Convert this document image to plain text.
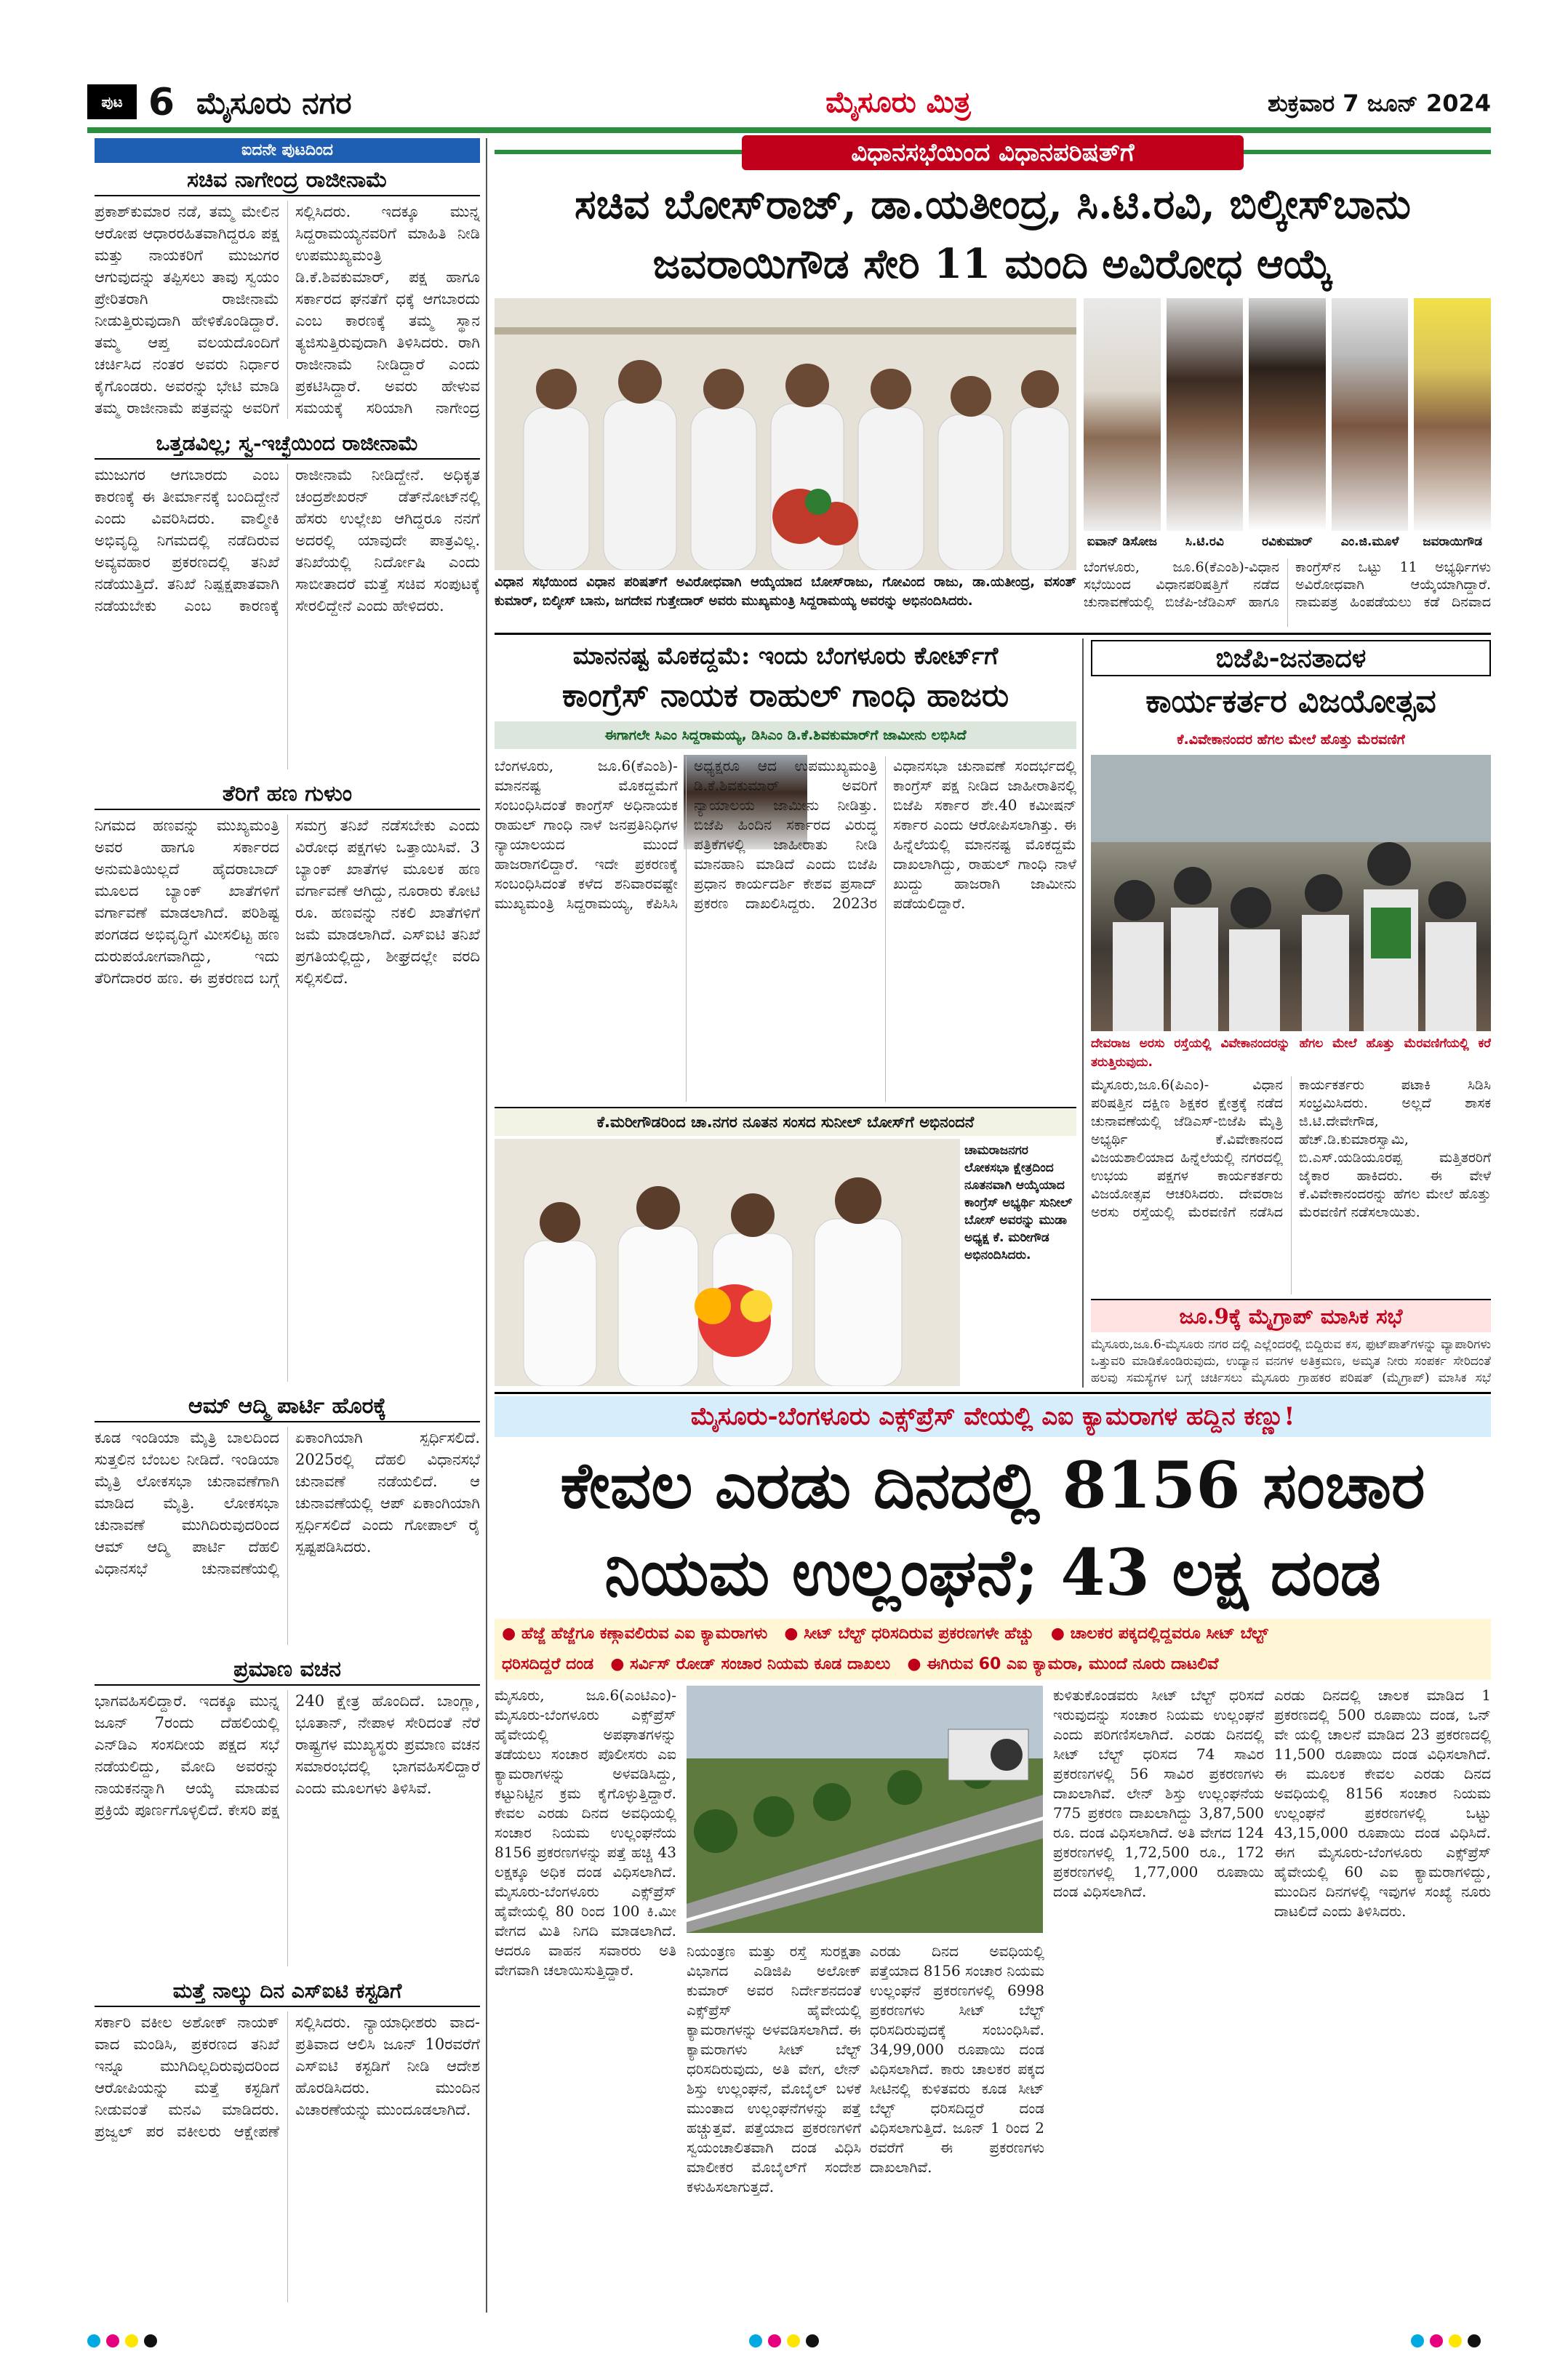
ಪುಟ 6 ಮೈಸೂರು ನಗರ	ಮೈಸೂರು ಮಿತ್ರ	ಶುಕ್ರವಾರ 7 ಜೂನ್ 2024
ಐದನೇ ಪುಟದಿಂದ
ಸಚಿವ ನಾಗೇಂದ್ರ ರಾಜೀನಾಮೆ
ಪ್ರಕಾಶ್‌ಕುಮಾರ ನಡೆ, ತಮ್ಮ ಮೇಲಿನ ಆರೋಪ ಆಧಾರರಹಿತವಾಗಿದ್ದರೂ ಪಕ್ಷ ಮತ್ತು ನಾಯಕರಿಗೆ ಮುಜುಗರ ಆಗುವುದನ್ನು ತಪ್ಪಿಸಲು ತಾವು ಸ್ವಯಂ ಪ್ರೇರಿತರಾಗಿ ರಾಜೀನಾಮೆ ನೀಡುತ್ತಿರುವುದಾಗಿ ಹೇಳಿಕೊಂಡಿದ್ದಾರೆ. ತಮ್ಮ ಆಪ್ತ ವಲಯದೊಂದಿಗೆ ಚರ್ಚಿಸಿದ ನಂತರ ಅವರು ನಿರ್ಧಾರ ಕೈಗೊಂಡರು. ಅವರನ್ನು ಭೇಟಿ ಮಾಡಿ ತಮ್ಮ ರಾಜೀನಾಮೆ ಪತ್ರವನ್ನು ಅವರಿಗೆ ಸಲ್ಲಿಸಿದರು. ಇದಕ್ಕೂ ಮುನ್ನ ಸಿದ್ದರಾಮಯ್ಯನವರಿಗೆ ಮಾಹಿತಿ ನೀಡಿ ಉಪಮುಖ್ಯಮಂತ್ರಿ ಡಿ.ಕೆ.ಶಿವಕುಮಾರ್, ಪಕ್ಷ ಹಾಗೂ ಸರ್ಕಾರದ ಘನತೆಗೆ ಧಕ್ಕೆ ಆಗಬಾರದು ಎಂಬ ಕಾರಣಕ್ಕೆ ತಮ್ಮ ಸ್ಥಾನ ತ್ಯಜಿಸುತ್ತಿರುವುದಾಗಿ ತಿಳಿಸಿದರು. ರಾಗಿ ರಾಜೀನಾಮೆ ನೀಡಿದ್ದಾರೆ ಎಂದು ಪ್ರಕಟಿಸಿದ್ದಾರೆ. ಅವರು ಹೇಳುವ ಸಮಯಕ್ಕೆ ಸರಿಯಾಗಿ ನಾಗೇಂದ್ರ
ಒತ್ತಡವಿಲ್ಲ; ಸ್ವ-ಇಚ್ಛೆಯಿಂದ ರಾಜೀನಾಮೆ
ಮುಜುಗರ ಆಗಬಾರದು ಎಂಬ ಕಾರಣಕ್ಕೆ ಈ ತೀರ್ಮಾನಕ್ಕೆ ಬಂದಿದ್ದೇನೆ ಎಂದು ವಿವರಿಸಿದರು. ವಾಲ್ಮೀಕಿ ಅಭಿವೃದ್ಧಿ ನಿಗಮದಲ್ಲಿ ನಡೆದಿರುವ ಅವ್ಯವಹಾರ ಪ್ರಕರಣದಲ್ಲಿ ತನಿಖೆ ನಡೆಯುತ್ತಿದೆ. ತನಿಖೆ ನಿಷ್ಪಕ್ಷಪಾತವಾಗಿ ನಡೆಯಬೇಕು ಎಂಬ ಕಾರಣಕ್ಕೆ ರಾಜೀನಾಮೆ ನೀಡಿದ್ದೇನೆ. ಅಧಿಕೃತ ಚಂದ್ರಶೇಖರನ್ ಡೆತ್‌ನೋಟ್‌ನಲ್ಲಿ ಹೆಸರು ಉಲ್ಲೇಖ ಆಗಿದ್ದರೂ ನನಗೆ ಅದರಲ್ಲಿ ಯಾವುದೇ ಪಾತ್ರವಿಲ್ಲ. ತನಿಖೆಯಲ್ಲಿ ನಿರ್ದೋಷಿ ಎಂದು ಸಾಬೀತಾದರೆ ಮತ್ತೆ ಸಚಿವ ಸಂಪುಟಕ್ಕೆ ಸೇರಲಿದ್ದೇನೆ ಎಂದು ಹೇಳಿದರು.
ತೆರಿಗೆ ಹಣ ಗುಳುಂ
ನಿಗಮದ ಹಣವನ್ನು ಮುಖ್ಯಮಂತ್ರಿ ಅವರ ಹಾಗೂ ಸರ್ಕಾರದ ಅನುಮತಿಯಿಲ್ಲದೆ ಹೈದರಾಬಾದ್ ಮೂಲದ ಬ್ಯಾಂಕ್ ಖಾತೆಗಳಿಗೆ ವರ್ಗಾವಣೆ ಮಾಡಲಾಗಿದೆ. ಪರಿಶಿಷ್ಟ ಪಂಗಡದ ಅಭಿವೃದ್ಧಿಗೆ ಮೀಸಲಿಟ್ಟ ಹಣ ದುರುಪಯೋಗವಾಗಿದ್ದು, ಇದು ತೆರಿಗೆದಾರರ ಹಣ. ಈ ಪ್ರಕರಣದ ಬಗ್ಗೆ ಸಮಗ್ರ ತನಿಖೆ ನಡೆಸಬೇಕು ಎಂದು ವಿರೋಧ ಪಕ್ಷಗಳು ಒತ್ತಾಯಿಸಿವೆ. 3 ಬ್ಯಾಂಕ್ ಖಾತೆಗಳ ಮೂಲಕ ಹಣ ವರ್ಗಾವಣೆ ಆಗಿದ್ದು, ನೂರಾರು ಕೋಟಿ ರೂ. ಹಣವನ್ನು ನಕಲಿ ಖಾತೆಗಳಿಗೆ ಜಮೆ ಮಾಡಲಾಗಿದೆ. ಎಸ್‌ಐಟಿ ತನಿಖೆ ಪ್ರಗತಿಯಲ್ಲಿದ್ದು, ಶೀಘ್ರದಲ್ಲೇ ವರದಿ ಸಲ್ಲಿಸಲಿದೆ.
ಆಮ್ ಆದ್ಮಿ ಪಾರ್ಟಿ ಹೊರಕ್ಕೆ
ಕೂಡ ಇಂಡಿಯಾ ಮೈತ್ರಿ ಬಾಲದಿಂದ ಸುತ್ತಲಿನ ಬೆಂಬಲ ನೀಡಿದೆ. ಇಂಡಿಯಾ ಮೈತ್ರಿ ಲೋಕಸಭಾ ಚುನಾವಣೆಗಾಗಿ ಮಾಡಿದ ಮೈತ್ರಿ. ಲೋಕಸಭಾ ಚುನಾವಣೆ ಮುಗಿದಿರುವುದರಿಂದ ಆಮ್ ಆದ್ಮಿ ಪಾರ್ಟಿ ದೆಹಲಿ ವಿಧಾನಸಭೆ ಚುನಾವಣೆಯಲ್ಲಿ ಏಕಾಂಗಿಯಾಗಿ ಸ್ಪರ್ಧಿಸಲಿದೆ. 2025ರಲ್ಲಿ ದೆಹಲಿ ವಿಧಾನಸಭೆ ಚುನಾವಣೆ ನಡೆಯಲಿದೆ. ಆ ಚುನಾವಣೆಯಲ್ಲಿ ಆಪ್ ಏಕಾಂಗಿಯಾಗಿ ಸ್ಪರ್ಧಿಸಲಿದೆ ಎಂದು ಗೋಪಾಲ್ ರೈ ಸ್ಪಷ್ಟಪಡಿಸಿದರು.
ಪ್ರಮಾಣ ವಚನ
ಭಾಗವಹಿಸಲಿದ್ದಾರೆ. ಇದಕ್ಕೂ ಮುನ್ನ ಜೂನ್ 7ರಂದು ದೆಹಲಿಯಲ್ಲಿ ಎನ್‌ಡಿಎ ಸಂಸದೀಯ ಪಕ್ಷದ ಸಭೆ ನಡೆಯಲಿದ್ದು, ಮೋದಿ ಅವರನ್ನು ನಾಯಕನನ್ನಾಗಿ ಆಯ್ಕೆ ಮಾಡುವ ಪ್ರಕ್ರಿಯೆ ಪೂರ್ಣಗೊಳ್ಳಲಿದೆ. ಕೇಸರಿ ಪಕ್ಷ 240 ಕ್ಷೇತ್ರ ಹೊಂದಿದೆ. ಬಾಂಗ್ಲಾ, ಭೂತಾನ್, ನೇಪಾಳ ಸೇರಿದಂತೆ ನೆರೆ ರಾಷ್ಟ್ರಗಳ ಮುಖ್ಯಸ್ಥರು ಪ್ರಮಾಣ ವಚನ ಸಮಾರಂಭದಲ್ಲಿ ಭಾಗವಹಿಸಲಿದ್ದಾರೆ ಎಂದು ಮೂಲಗಳು ತಿಳಿಸಿವೆ.
ಮತ್ತೆ ನಾಲ್ಕು ದಿನ ಎಸ್‌ಐಟಿ ಕಸ್ಟಡಿಗೆ
ಸರ್ಕಾರಿ ವಕೀಲ ಅಶೋಕ್ ನಾಯಕ್ ವಾದ ಮಂಡಿಸಿ, ಪ್ರಕರಣದ ತನಿಖೆ ಇನ್ನೂ ಮುಗಿದಿಲ್ಲದಿರುವುದರಿಂದ ಆರೋಪಿಯನ್ನು ಮತ್ತೆ ಕಸ್ಟಡಿಗೆ ನೀಡುವಂತೆ ಮನವಿ ಮಾಡಿದರು. ಪ್ರಜ್ವಲ್ ಪರ ವಕೀಲರು ಆಕ್ಷೇಪಣೆ ಸಲ್ಲಿಸಿದರು. ನ್ಯಾಯಾಧೀಶರು ವಾದ-ಪ್ರತಿವಾದ ಆಲಿಸಿ ಜೂನ್ 10ರವರೆಗೆ ಎಸ್‌ಐಟಿ ಕಸ್ಟಡಿಗೆ ನೀಡಿ ಆದೇಶ ಹೊರಡಿಸಿದರು. ಮುಂದಿನ ವಿಚಾರಣೆಯನ್ನು ಮುಂದೂಡಲಾಗಿದೆ.
ವಿಧಾನಸಭೆಯಿಂದ ವಿಧಾನಪರಿಷತ್‌ಗೆ
ಸಚಿವ ಬೋಸ್‌ರಾಜ್, ಡಾ.ಯತೀಂದ್ರ, ಸಿ.ಟಿ.ರವಿ, ಬಿಲ್ಕೀಸ್‌ಬಾನು
ಜವರಾಯಿಗೌಡ ಸೇರಿ 11 ಮಂದಿ ಅವಿರೋಧ ಆಯ್ಕೆ
ವಿಧಾನ ಸಭೆಯಿಂದ ವಿಧಾನ ಪರಿಷತ್‌ಗೆ ಅವಿರೋಧವಾಗಿ ಆಯ್ಕೆಯಾದ ಬೋಸ್‌ರಾಜು, ಗೋವಿಂದ ರಾಜು, ಡಾ.ಯತೀಂದ್ರ, ವಸಂತ್ ಕುಮಾರ್, ಬಿಲ್ಕೀಸ್ ಬಾನು, ಜಗದೇವ ಗುತ್ತೇದಾರ್ ಅವರು ಮುಖ್ಯಮಂತ್ರಿ ಸಿದ್ದರಾಮಯ್ಯ ಅವರನ್ನು ಅಭಿನಂದಿಸಿದರು.
ಐವಾನ್ ಡಿಸೋಜ	ಸಿ.ಟಿ.ರವಿ	ರವಿಕುಮಾರ್	ಎಂ.ಜಿ.ಮೂಳೆ	ಜವರಾಯಿಗೌಡ
ಬೆಂಗಳೂರು, ಜೂ.6(ಕೆಎಂಶಿ)-ವಿಧಾನ ಸಭೆಯಿಂದ ವಿಧಾನಪರಿಷತ್ತಿಗೆ ನಡೆದ ಚುನಾವಣೆಯಲ್ಲಿ ಬಿಜೆಪಿ-ಜೆಡಿಎಸ್ ಹಾಗೂ ಕಾಂಗ್ರೆಸ್‌ನ ಒಟ್ಟು 11 ಅಭ್ಯರ್ಥಿಗಳು ಅವಿರೋಧವಾಗಿ ಆಯ್ಕೆಯಾಗಿದ್ದಾರೆ. ನಾಮಪತ್ರ ಹಿಂಪಡೆಯಲು ಕಡೆ ದಿನವಾದ
ಮಾನನಷ್ಟ ಮೊಕದ್ದಮೆ: ಇಂದು ಬೆಂಗಳೂರು ಕೋರ್ಟ್‌ಗೆ
ಕಾಂಗ್ರೆಸ್ ನಾಯಕ ರಾಹುಲ್ ಗಾಂಧಿ ಹಾಜರು
ಈಗಾಗಲೇ ಸಿಎಂ ಸಿದ್ದರಾಮಯ್ಯ, ಡಿಸಿಎಂ ಡಿ.ಕೆ.ಶಿವಕುಮಾರ್‌ಗೆ ಜಾಮೀನು ಲಭಿಸಿದೆ
ಬೆಂಗಳೂರು, ಜೂ.6(ಕೆಎಂಶಿ)-ಮಾನನಷ್ಟ ಮೊಕದ್ದಮೆಗೆ ಸಂಬಂಧಿಸಿದಂತೆ ಕಾಂಗ್ರೆಸ್ ಅಧಿನಾಯಕ ರಾಹುಲ್ ಗಾಂಧಿ ನಾಳೆ ಜನಪ್ರತಿನಿಧಿಗಳ ನ್ಯಾಯಾಲಯದ ಮುಂದೆ ಹಾಜರಾಗಲಿದ್ದಾರೆ. ಇದೇ ಪ್ರಕರಣಕ್ಕೆ ಸಂಬಂಧಿಸಿದಂತೆ ಕಳೆದ ಶನಿವಾರವಷ್ಟೇ ಮುಖ್ಯಮಂತ್ರಿ ಸಿದ್ದರಾಮಯ್ಯ, ಕೆಪಿಸಿಸಿ ಅಧ್ಯಕ್ಷರೂ ಆದ ಉಪಮುಖ್ಯಮಂತ್ರಿ ಡಿ.ಕೆ.ಶಿವಕುಮಾರ್ ಅವರಿಗೆ ನ್ಯಾಯಾಲಯ ಜಾಮೀನು ನೀಡಿತ್ತು. ಬಿಜೆಪಿ ಹಿಂದಿನ ಸರ್ಕಾರದ ವಿರುದ್ಧ ಪತ್ರಿಕೆಗಳಲ್ಲಿ ಜಾಹೀರಾತು ನೀಡಿ ಮಾನಹಾನಿ ಮಾಡಿದೆ ಎಂದು ಬಿಜೆಪಿ ಪ್ರಧಾನ ಕಾರ್ಯದರ್ಶಿ ಕೇಶವ ಪ್ರಸಾದ್ ಪ್ರಕರಣ ದಾಖಲಿಸಿದ್ದರು. 2023ರ ವಿಧಾನಸಭಾ ಚುನಾವಣೆ ಸಂದರ್ಭದಲ್ಲಿ ಕಾಂಗ್ರೆಸ್ ಪಕ್ಷ ನೀಡಿದ ಜಾಹೀರಾತಿನಲ್ಲಿ ಬಿಜೆಪಿ ಸರ್ಕಾರ ಶೇ.40 ಕಮೀಷನ್ ಸರ್ಕಾರ ಎಂದು ಆರೋಪಿಸಲಾಗಿತ್ತು. ಈ ಹಿನ್ನೆಲೆಯಲ್ಲಿ ಮಾನನಷ್ಟ ಮೊಕದ್ದಮೆ ದಾಖಲಾಗಿದ್ದು, ರಾಹುಲ್ ಗಾಂಧಿ ನಾಳೆ ಖುದ್ದು ಹಾಜರಾಗಿ ಜಾಮೀನು ಪಡೆಯಲಿದ್ದಾರೆ.
ಬಿಜೆಪಿ-ಜನತಾದಳ
ಕಾರ್ಯಕರ್ತರ ವಿಜಯೋತ್ಸವ
ಕೆ.ವಿವೇಕಾನಂದರ ಹೆಗಲ ಮೇಲೆ ಹೊತ್ತು ಮೆರವಣಿಗೆ
ದೇವರಾಜ ಅರಸು ರಸ್ತೆಯಲ್ಲಿ ವಿವೇಕಾನಂದರನ್ನು ಹೆಗಲ ಮೇಲೆ ಹೊತ್ತು ಮೆರವಣಿಗೆಯಲ್ಲಿ ಕರೆ ತರುತ್ತಿರುವುದು.
ಮೈಸೂರು,ಜೂ.6(ಪಿಎಂ)- ವಿಧಾನ ಪರಿಷತ್ತಿನ ದಕ್ಷಿಣ ಶಿಕ್ಷಕರ ಕ್ಷೇತ್ರಕ್ಕೆ ನಡೆದ ಚುನಾವಣೆಯಲ್ಲಿ ಜೆಡಿಎಸ್-ಬಿಜೆಪಿ ಮೈತ್ರಿ ಅಭ್ಯರ್ಥಿ ಕೆ.ವಿವೇಕಾನಂದ ವಿಜಯಶಾಲಿಯಾದ ಹಿನ್ನೆಲೆಯಲ್ಲಿ ನಗರದಲ್ಲಿ ಉಭಯ ಪಕ್ಷಗಳ ಕಾರ್ಯಕರ್ತರು ವಿಜಯೋತ್ಸವ ಆಚರಿಸಿದರು. ದೇವರಾಜ ಅರಸು ರಸ್ತೆಯಲ್ಲಿ ಮೆರವಣಿಗೆ ನಡೆಸಿದ ಕಾರ್ಯಕರ್ತರು ಪಟಾಕಿ ಸಿಡಿಸಿ ಸಂಭ್ರಮಿಸಿದರು. ಅಲ್ಲದೆ ಶಾಸಕ ಜಿ.ಟಿ.ದೇವೇಗೌಡ, ಹೆಚ್.ಡಿ.ಕುಮಾರಸ್ವಾಮಿ, ಬಿ.ಎಸ್.ಯಡಿಯೂರಪ್ಪ ಮತ್ತಿತರರಿಗೆ ಜೈಕಾರ ಹಾಕಿದರು. ಈ ವೇಳೆ ಕೆ.ವಿವೇಕಾನಂದರನ್ನು ಹೆಗಲ ಮೇಲೆ ಹೊತ್ತು ಮೆರವಣಿಗೆ ನಡೆಸಲಾಯಿತು.
ಕೆ.ಮರೀಗೌಡರಿಂದ ಚಾ.ನಗರ ನೂತನ ಸಂಸದ ಸುನೀಲ್ ಬೋಸ್‌ಗೆ ಅಭಿನಂದನೆ
ಚಾಮರಾಜನಗರ ಲೋಕಸಭಾ ಕ್ಷೇತ್ರದಿಂದ ನೂತನವಾಗಿ ಆಯ್ಕೆಯಾದ ಕಾಂಗ್ರೆಸ್ ಅಭ್ಯರ್ಥಿ ಸುನೀಲ್ ಬೋಸ್ ಅವರನ್ನು ಮುಡಾ ಅಧ್ಯಕ್ಷ ಕೆ. ಮರೀಗೌಡ ಅಭಿನಂದಿಸಿದರು.
ಜೂ.9ಕ್ಕೆ ಮೈಗ್ರಾಪ್ ಮಾಸಿಕ ಸಭೆ
ಮೈಸೂರು,ಜೂ.6-ಮೈಸೂರು ನಗರ ದಲ್ಲಿ ಎಲ್ಲೆಂದರಲ್ಲಿ ಬಿದ್ದಿರುವ ಕಸ, ಫುಟ್‌ಪಾತ್‌ಗಳನ್ನು ವ್ಯಾಪಾರಿಗಳು ಒತ್ತುವರಿ ಮಾಡಿಕೊಂಡಿರುವುದು, ಉದ್ಯಾನ ವನಗಳ ಅತಿಕ್ರಮಣ, ಅಮೃತ ನೀರು ಸಂಪರ್ಕ ಸೇರಿದಂತೆ ಹಲವು ಸಮಸ್ಯೆಗಳ ಬಗ್ಗೆ ಚರ್ಚಿಸಲು ಮೈಸೂರು ಗ್ರಾಹಕರ ಪರಿಷತ್ (ಮೈಗ್ರಾಪ್) ಮಾಸಿಕ ಸಭೆ
ಮೈಸೂರು-ಬೆಂಗಳೂರು ಎಕ್ಸ್‌ಪ್ರೆಸ್ ವೇಯಲ್ಲಿ ಎಐ ಕ್ಯಾಮರಾಗಳ ಹದ್ದಿನ ಕಣ್ಣು!
ಕೇವಲ ಎರಡು ದಿನದಲ್ಲಿ 8156 ಸಂಚಾರ
ನಿಯಮ ಉಲ್ಲಂಘನೆ; 43 ಲಕ್ಷ ದಂಡ
● ಹೆಜ್ಜೆ ಹೆಜ್ಜೆಗೂ ಕಣ್ಗಾವಲಿರುವ ಎಐ ಕ್ಯಾಮರಾಗಳು ● ಸೀಟ್ ಬೆಲ್ಟ್ ಧರಿಸದಿರುವ ಪ್ರಕರಣಗಳೇ ಹೆಚ್ಚು ● ಚಾಲಕರ ಪಕ್ಕದಲ್ಲಿದ್ದವರೂ ಸೀಟ್ ಬೆಲ್ಟ್
ಧರಿಸದಿದ್ದರೆ ದಂಡ ● ಸರ್ವಿಸ್ ರೋಡ್ ಸಂಚಾರ ನಿಯಮ ಕೂಡ ದಾಖಲು ● ಈಗಿರುವ 60 ಎಐ ಕ್ಯಾಮರಾ, ಮುಂದೆ ನೂರು ದಾಟಲಿವೆ
ಮೈಸೂರು, ಜೂ.6(ಎಂಟಿಎಂ)- ಮೈಸೂರು-ಬೆಂಗಳೂರು ಎಕ್ಸ್‌ಪ್ರೆಸ್ ಹೈವೇಯಲ್ಲಿ ಅಪಘಾತಗಳನ್ನು ತಡೆಯಲು ಸಂಚಾರ ಪೊಲೀಸರು ಎಐ ಕ್ಯಾಮರಾಗಳನ್ನು ಅಳವಡಿಸಿದ್ದು, ಕಟ್ಟುನಿಟ್ಟಿನ ಕ್ರಮ ಕೈಗೊಳ್ಳುತ್ತಿದ್ದಾರೆ. ಕೇವಲ ಎರಡು ದಿನದ ಅವಧಿಯಲ್ಲಿ ಸಂಚಾರ ನಿಯಮ ಉಲ್ಲಂಘನೆಯ 8156 ಪ್ರಕರಣಗಳನ್ನು ಪತ್ತೆ ಹಚ್ಚಿ 43 ಲಕ್ಷಕ್ಕೂ ಅಧಿಕ ದಂಡ ವಿಧಿಸಲಾಗಿದೆ. ಮೈಸೂರು-ಬೆಂಗಳೂರು ಎಕ್ಸ್‌ಪ್ರೆಸ್ ಹೈವೇಯಲ್ಲಿ 80 ರಿಂದ 100 ಕಿ.ಮೀ ವೇಗದ ಮಿತಿ ನಿಗದಿ ಮಾಡಲಾಗಿದೆ. ಆದರೂ ವಾಹನ ಸವಾರರು ಅತಿ ವೇಗವಾಗಿ ಚಲಾಯಿಸುತ್ತಿದ್ದಾರೆ.
ನಿಯಂತ್ರಣ ಮತ್ತು ರಸ್ತೆ ಸುರಕ್ಷತಾ ವಿಭಾಗದ ಎಡಿಜಿಪಿ ಅಲೋಕ್ ಕುಮಾರ್ ಅವರ ನಿರ್ದೇಶನದಂತೆ ಎಕ್ಸ್‌ಪ್ರೆಸ್ ಹೈವೇಯಲ್ಲಿ ಕ್ಯಾಮರಾಗಳನ್ನು ಅಳವಡಿಸಲಾಗಿದೆ. ಈ ಕ್ಯಾಮರಾಗಳು ಸೀಟ್ ಬೆಲ್ಟ್ ಧರಿಸದಿರುವುದು, ಅತಿ ವೇಗ, ಲೇನ್ ಶಿಸ್ತು ಉಲ್ಲಂಘನೆ, ಮೊಬೈಲ್ ಬಳಕೆ ಮುಂತಾದ ಉಲ್ಲಂಘನೆಗಳನ್ನು ಪತ್ತೆ ಹಚ್ಚುತ್ತವೆ. ಪತ್ತೆಯಾದ ಪ್ರಕರಣಗಳಿಗೆ ಸ್ವಯಂಚಾಲಿತವಾಗಿ ದಂಡ ವಿಧಿಸಿ ಮಾಲೀಕರ ಮೊಬೈಲ್‌ಗೆ ಸಂದೇಶ ಕಳುಹಿಸಲಾಗುತ್ತದೆ.
ಎರಡು ದಿನದ ಅವಧಿಯಲ್ಲಿ ಪತ್ತೆಯಾದ 8156 ಸಂಚಾರ ನಿಯಮ ಉಲ್ಲಂಘನೆ ಪ್ರಕರಣಗಳಲ್ಲಿ 6998 ಪ್ರಕರಣಗಳು ಸೀಟ್ ಬೆಲ್ಟ್ ಧರಿಸದಿರುವುದಕ್ಕೆ ಸಂಬಂಧಿಸಿವೆ. 34,99,000 ರೂಪಾಯಿ ದಂಡ ವಿಧಿಸಲಾಗಿದೆ. ಕಾರು ಚಾಲಕರ ಪಕ್ಕದ ಸೀಟಿನಲ್ಲಿ ಕುಳಿತವರು ಕೂಡ ಸೀಟ್ ಬೆಲ್ಟ್ ಧರಿಸದಿದ್ದರೆ ದಂಡ ವಿಧಿಸಲಾಗುತ್ತಿದೆ. ಜೂನ್ 1 ರಿಂದ 2 ರವರೆಗೆ ಈ ಪ್ರಕರಣಗಳು ದಾಖಲಾಗಿವೆ.
ಕುಳಿತುಕೊಂಡವರು ಸೀಟ್ ಬೆಲ್ಟ್ ಧರಿಸದೆ ಇರುವುದನ್ನು ಸಂಚಾರ ನಿಯಮ ಉಲ್ಲಂಘನೆ ಎಂದು ಪರಿಗಣಿಸಲಾಗಿದೆ. ಎರಡು ದಿನದಲ್ಲಿ ಸೀಟ್ ಬೆಲ್ಟ್ ಧರಿಸದ 74 ಸಾವಿರ ಪ್ರಕರಣಗಳಲ್ಲಿ 56 ಸಾವಿರ ಪ್ರಕರಣಗಳು ದಾಖಲಾಗಿವೆ. ಲೇನ್ ಶಿಸ್ತು ಉಲ್ಲಂಘನೆಯ 775 ಪ್ರಕರಣ ದಾಖಲಾಗಿದ್ದು 3,87,500 ರೂ. ದಂಡ ವಿಧಿಸಲಾಗಿದೆ. ಅತಿ ವೇಗದ 124 ಪ್ರಕರಣಗಳಲ್ಲಿ 1,72,500 ರೂ., 172 ಪ್ರಕರಣಗಳಲ್ಲಿ 1,77,000 ರೂಪಾಯಿ ದಂಡ ವಿಧಿಸಲಾಗಿದೆ.
ಎರಡು ದಿನದಲ್ಲಿ ಚಾಲಕ ಮಾಡಿದ 1 ಪ್ರಕರಣದಲ್ಲಿ 500 ರೂಪಾಯಿ ದಂಡ, ಒನ್ ವೇ ಯಲ್ಲಿ ಚಾಲನೆ ಮಾಡಿದ 23 ಪ್ರಕರಣದಲ್ಲಿ 11,500 ರೂಪಾಯಿ ದಂಡ ವಿಧಿಸಲಾಗಿದೆ. ಈ ಮೂಲಕ ಕೇವಲ ಎರಡು ದಿನದ ಅವಧಿಯಲ್ಲಿ 8156 ಸಂಚಾರ ನಿಯಮ ಉಲ್ಲಂಘನೆ ಪ್ರಕರಣಗಳಲ್ಲಿ ಒಟ್ಟು 43,15,000 ರೂಪಾಯಿ ದಂಡ ವಿಧಿಸಿದೆ. ಈಗ ಮೈಸೂರು-ಬೆಂಗಳೂರು ಎಕ್ಸ್‌ಪ್ರೆಸ್ ಹೈವೇಯಲ್ಲಿ 60 ಎಐ ಕ್ಯಾಮರಾಗಳಿದ್ದು, ಮುಂದಿನ ದಿನಗಳಲ್ಲಿ ಇವುಗಳ ಸಂಖ್ಯೆ ನೂರು ದಾಟಲಿದೆ ಎಂದು ತಿಳಿಸಿದರು.
